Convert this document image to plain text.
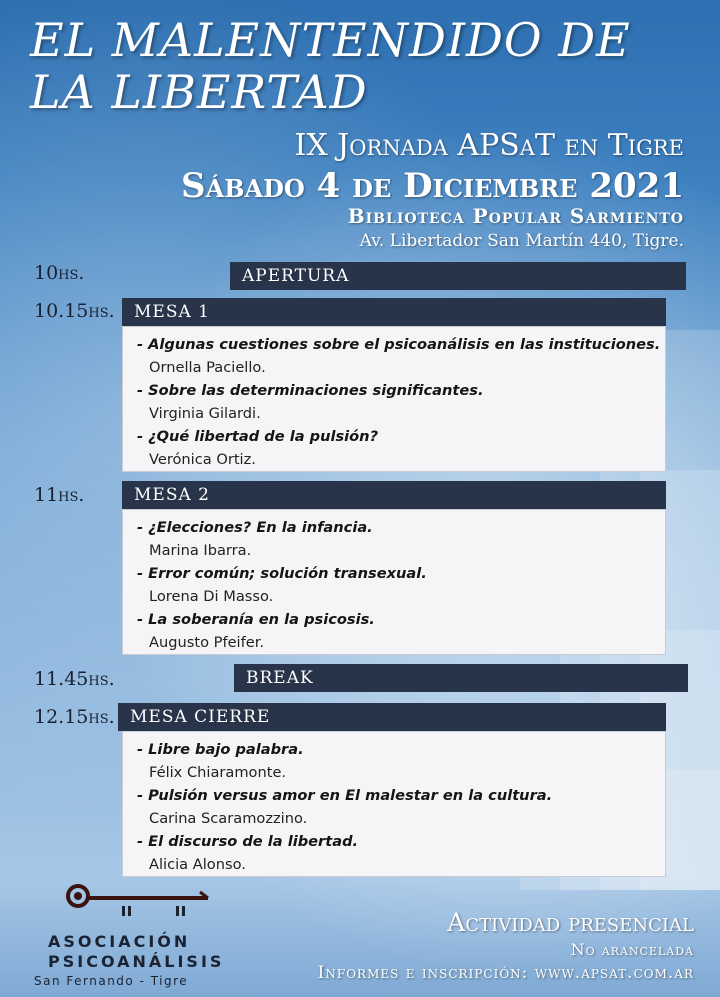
EL MALENTENDIDO DE
LA LIBERTAD
IX Jornada APSaT en Tigre
Sábado 4 de Diciembre 2021
Biblioteca Popular Sarmiento
Av. Libertador San Martín 440, Tigre.
10hs.	APERTURA
10.15hs.	MESA 1
- Algunas cuestiones sobre el psicoanálisis en las instituciones.
Ornella Paciello.
- Sobre las determinaciones significantes.
Virginia Gilardi.
- ¿Qué libertad de la pulsión?
Verónica Ortiz.
11hs.	MESA 2
- ¿Elecciones? En la infancia.
Marina Ibarra.
- Error común; solución transexual.
Lorena Di Masso.
- La soberanía en la psicosis.
Augusto Pfeifer.
11.45hs.	BREAK
12.15hs. MESA CIERRE
- Libre bajo palabra.
Félix Chiaramonte.
- Pulsión versus amor en El malestar en la cultura.
Carina Scaramozzino.
- El discurso de la libertad.
Alicia Alonso.
ASOCIACIÓN
PSICOANÁLISIS
San Fernando - Tigre
Actividad presencial
No arancelada
Informes e inscripción: www.apsat.com.ar
